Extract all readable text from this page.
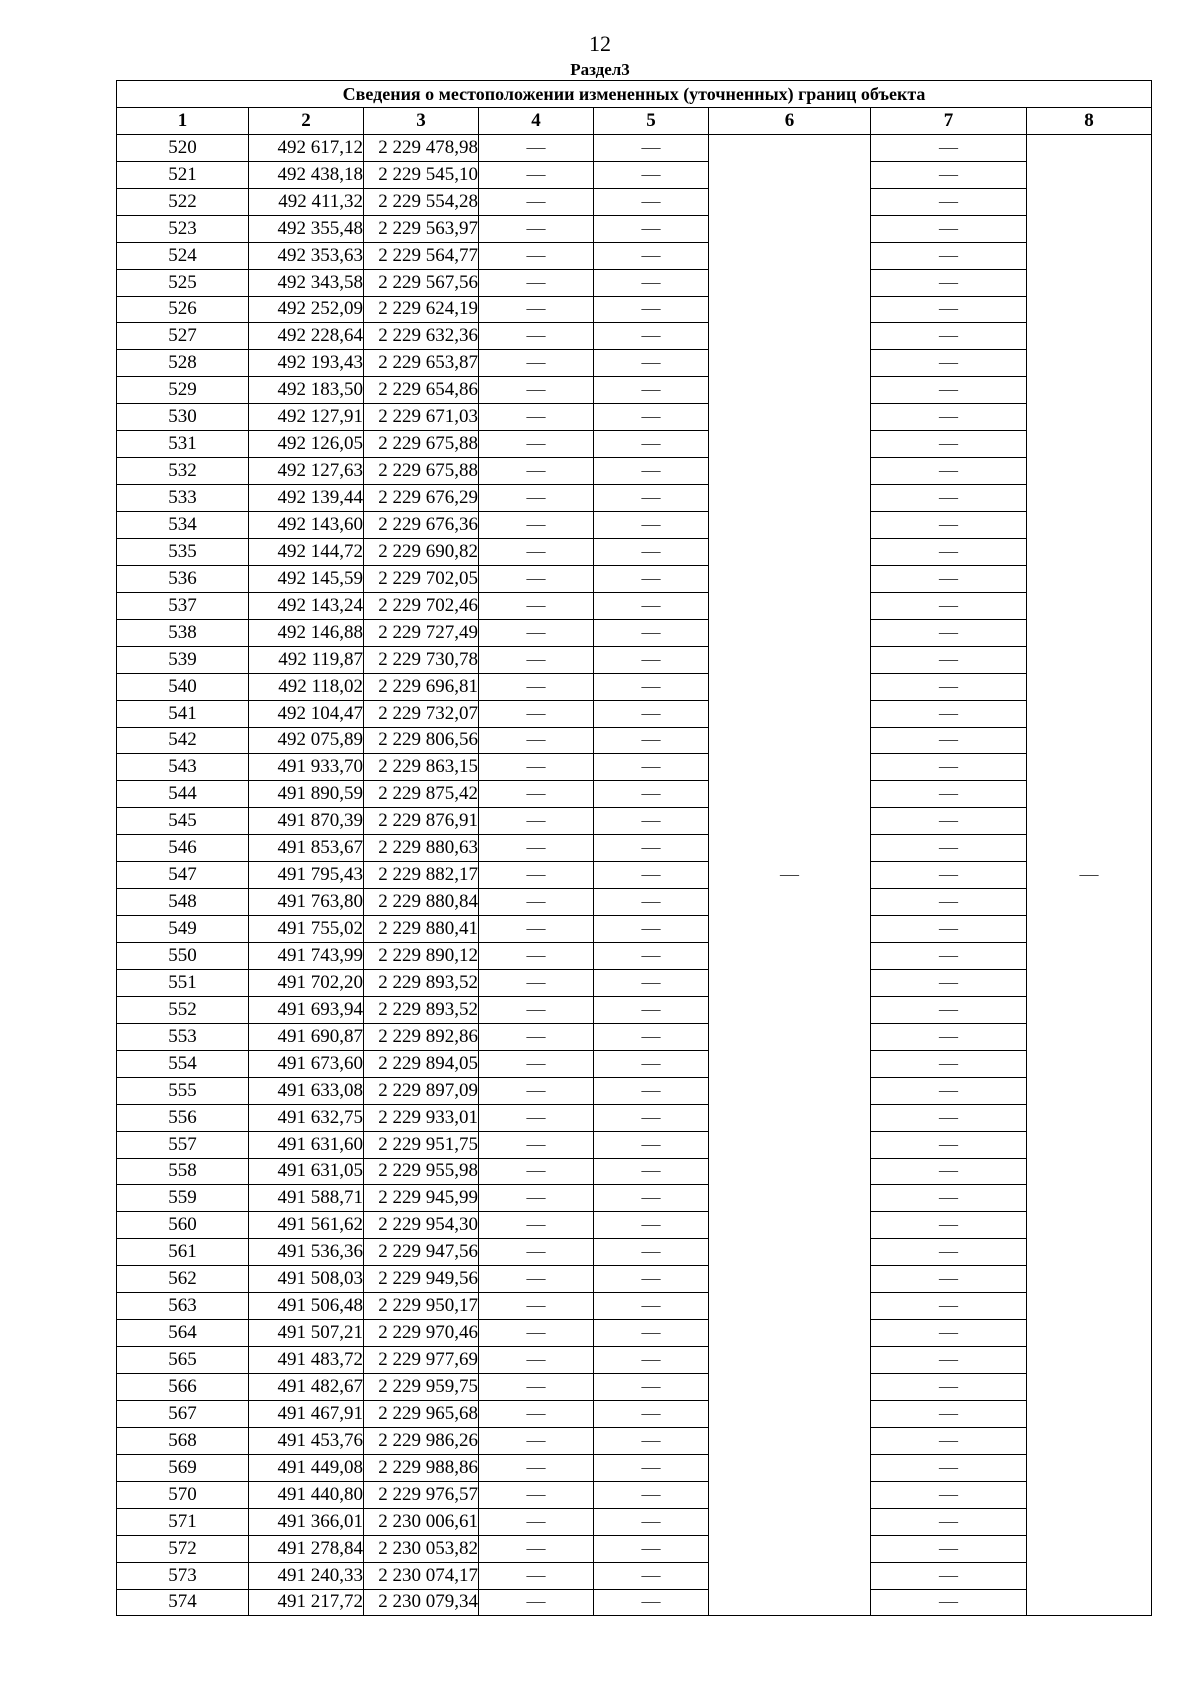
12
Раздел3
Сведения о местоположении измененных (уточненных) границ объекта							
1	2	3	4	5	6	7	8
520	492 617,12	2 229 478,98	—	—	—	—	—
521	492 438,18	2 229 545,10	—	—		—	
522	492 411,32	2 229 554,28	—	—		—	
523	492 355,48	2 229 563,97	—	—		—	
524	492 353,63	2 229 564,77	—	—		—	
525	492 343,58	2 229 567,56	—	—		—	
526	492 252,09	2 229 624,19	—	—		—	
527	492 228,64	2 229 632,36	—	—		—	
528	492 193,43	2 229 653,87	—	—		—	
529	492 183,50	2 229 654,86	—	—		—	
530	492 127,91	2 229 671,03	—	—		—	
531	492 126,05	2 229 675,88	—	—		—	
532	492 127,63	2 229 675,88	—	—		—	
533	492 139,44	2 229 676,29	—	—		—	
534	492 143,60	2 229 676,36	—	—		—	
535	492 144,72	2 229 690,82	—	—		—	
536	492 145,59	2 229 702,05	—	—		—	
537	492 143,24	2 229 702,46	—	—		—	
538	492 146,88	2 229 727,49	—	—		—	
539	492 119,87	2 229 730,78	—	—		—	
540	492 118,02	2 229 696,81	—	—		—	
541	492 104,47	2 229 732,07	—	—		—	
542	492 075,89	2 229 806,56	—	—		—	
543	491 933,70	2 229 863,15	—	—		—	
544	491 890,59	2 229 875,42	—	—		—	
545	491 870,39	2 229 876,91	—	—		—	
546	491 853,67	2 229 880,63	—	—		—	
547	491 795,43	2 229 882,17	—	—		—	
548	491 763,80	2 229 880,84	—	—		—	
549	491 755,02	2 229 880,41	—	—		—	
550	491 743,99	2 229 890,12	—	—		—	
551	491 702,20	2 229 893,52	—	—		—	
552	491 693,94	2 229 893,52	—	—		—	
553	491 690,87	2 229 892,86	—	—		—	
554	491 673,60	2 229 894,05	—	—		—	
555	491 633,08	2 229 897,09	—	—		—	
556	491 632,75	2 229 933,01	—	—		—	
557	491 631,60	2 229 951,75	—	—		—	
558	491 631,05	2 229 955,98	—	—		—	
559	491 588,71	2 229 945,99	—	—		—	
560	491 561,62	2 229 954,30	—	—		—	
561	491 536,36	2 229 947,56	—	—		—	
562	491 508,03	2 229 949,56	—	—		—	
563	491 506,48	2 229 950,17	—	—		—	
564	491 507,21	2 229 970,46	—	—		—	
565	491 483,72	2 229 977,69	—	—		—	
566	491 482,67	2 229 959,75	—	—		—	
567	491 467,91	2 229 965,68	—	—		—	
568	491 453,76	2 229 986,26	—	—		—	
569	491 449,08	2 229 988,86	—	—		—	
570	491 440,80	2 229 976,57	—	—		—	
571	491 366,01	2 230 006,61	—	—		—	
572	491 278,84	2 230 053,82	—	—		—	
573	491 240,33	2 230 074,17	—	—		—	
574	491 217,72	2 230 079,34	—	—		—	
